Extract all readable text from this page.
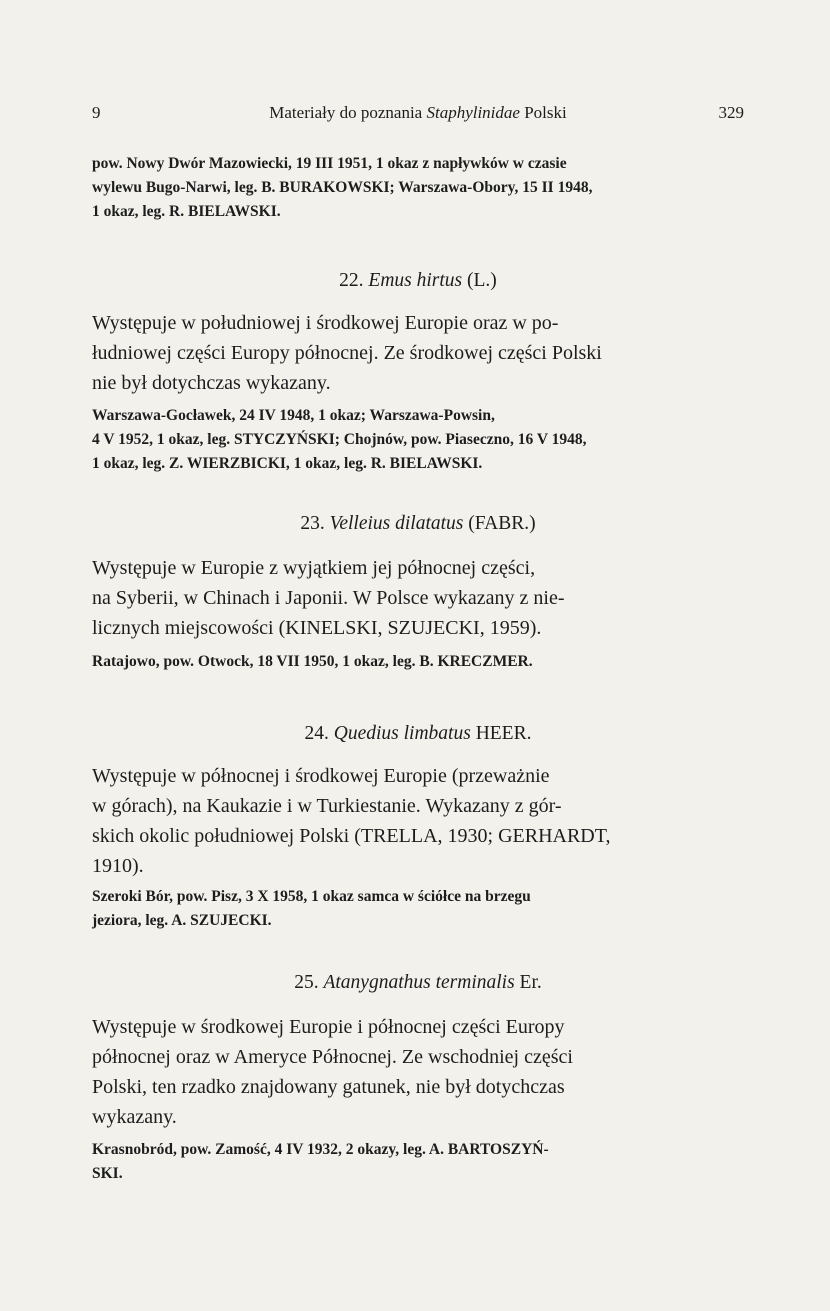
9	Materiały do poznania Staphylinidae Polski	329
pow. Nowy Dwór Mazowiecki, 19 III 1951, 1 okaz z napływków w czasie
wylewu Bugo-Narwi, leg. B. BURAKOWSKI; Warszawa-Obory, 15 II 1948,
1 okaz, leg. R. BIELAWSKI.
22. Emus hirtus (L.)
Występuje w południowej i środkowej Europie oraz w po-
łudniowej części Europy północnej. Ze środkowej części Polski
nie był dotychczas wykazany.
Warszawa-Gocławek, 24 IV 1948, 1 okaz; Warszawa-Powsin,
4 V 1952, 1 okaz, leg. STYCZYŃSKI; Chojnów, pow. Piaseczno, 16 V 1948,
1 okaz, leg. Z. WIERZBICKI, 1 okaz, leg. R. BIELAWSKI.
23. Velleius dilatatus (FABR.)
Występuje w Europie z wyjątkiem jej północnej części,
na Syberii, w Chinach i Japonii. W Polsce wykazany z nie-
licznych miejscowości (KINELSKI, SZUJECKI, 1959).
Ratajowo, pow. Otwock, 18 VII 1950, 1 okaz, leg. B. KRECZMER.
24. Quedius limbatus HEER.
Występuje w północnej i środkowej Europie (przeważnie
w górach), na Kaukazie i w Turkiestanie. Wykazany z gór-
skich okolic południowej Polski (TRELLA, 1930; GERHARDT,
1910).
Szeroki Bór, pow. Pisz, 3 X 1958, 1 okaz samca w ściółce na brzegu
jeziora, leg. A. SZUJECKI.
25. Atanygnathus terminalis Er.
Występuje w środkowej Europie i północnej części Europy
północnej oraz w Ameryce Północnej. Ze wschodniej części
Polski, ten rzadko znajdowany gatunek, nie był dotychczas
wykazany.
Krasnobród, pow. Zamość, 4 IV 1932, 2 okazy, leg. A. BARTOSZYŃ-
SKI.
